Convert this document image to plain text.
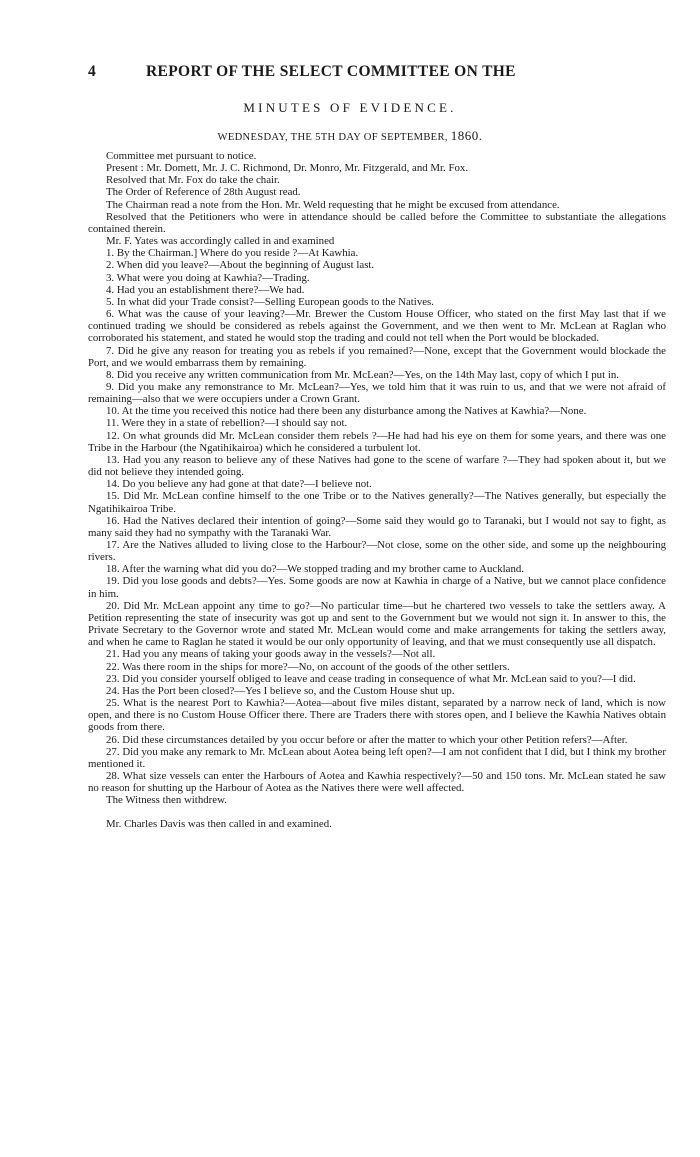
4	REPORT OF THE SELECT COMMITTEE ON THE
MINUTES OF EVIDENCE.
WEDNESDAY, THE 5TH DAY OF SEPTEMBER, 1860.

Committee met pursuant to notice.

Present : Mr. Domett, Mr. J. C. Richmond, Dr. Monro, Mr. Fitzgerald, and Mr. Fox.

Resolved that Mr. Fox do take the chair.

The Order of Reference of 28th August read.

The Chairman read a note from the Hon. Mr. Weld requesting that he might be excused from attendance.

Resolved that the Petitioners who were in attendance should be called before the Committee to substantiate the allegations contained therein.

Mr. F. Yates was accordingly called in and examined

1. By the Chairman.] Where do you reside ?—At Kawhia.

2. When did you leave?—About the beginning of August last.

3. What were you doing at Kawhia?—Trading.

4. Had you an establishment there?—We had.

5. In what did your Trade consist?—Selling European goods to the Natives.

6. What was the cause of your leaving?—Mr. Brewer the Custom House Officer, who stated on the first May last that if we continued trading we should be considered as rebels against the Government, and we then went to Mr. McLean at Raglan who corroborated his statement, and stated he would stop the trading and could not tell when the Port would be blockaded.

7. Did he give any reason for treating you as rebels if you remained?—None, except that the Government would blockade the Port, and we would embarrass them by remaining.

8. Did you receive any written communication from Mr. McLean?—Yes, on the 14th May last, copy of which I put in.

9. Did you make any remonstrance to Mr. McLean?—Yes, we told him that it was ruin to us, and that we were not afraid of remaining—also that we were occupiers under a Crown Grant.

10. At the time you received this notice had there been any disturbance among the Natives at Kawhia?—None.

11. Were they in a state of rebellion?—I should say not.

12. On what grounds did Mr. McLean consider them rebels ?—He had had his eye on them for some years, and there was one Tribe in the Harbour (the Ngatihikairoa) which he considered a turbulent lot.

13. Had you any reason to believe any of these Natives had gone to the scene of warfare ?—They had spoken about it, but we did not believe they intended going.

14. Do you believe any had gone at that date?—I believe not.

15. Did Mr. McLean confine himself to the one Tribe or to the Natives generally?—The Natives generally, but especially the Ngatihikairoa Tribe.

16. Had the Natives declared their intention of going?—Some said they would go to Taranaki, but I would not say to fight, as many said they had no sympathy with the Taranaki War.

17. Are the Natives alluded to living close to the Harbour?—Not close, some on the other side, and some up the neighbouring rivers.

18. After the warning what did you do?—We stopped trading and my brother came to Auckland.

19. Did you lose goods and debts?—Yes. Some goods are now at Kawhia in charge of a Native, but we cannot place confidence in him.

20. Did Mr. McLean appoint any time to go?—No particular time—but he chartered two vessels to take the settlers away. A Petition representing the state of insecurity was got up and sent to the Government but we would not sign it. In answer to this, the Private Secretary to the Governor wrote and stated Mr. McLean would come and make arrangements for taking the settlers away, and when he came to Raglan he stated it would be our only opportunity of leaving, and that we must consequently use all dispatch.

21. Had you any means of taking your goods away in the vessels?—Not all.

22. Was there room in the ships for more?—No, on account of the goods of the other settlers.

23. Did you consider yourself obliged to leave and cease trading in consequence of what Mr. McLean said to you?—I did.

24. Has the Port been closed?—Yes I believe so, and the Custom House shut up.

25. What is the nearest Port to Kawhia?—Aotea—about five miles distant, separated by a narrow neck of land, which is now open, and there is no Custom House Officer there. There are Traders there with stores open, and I believe the Kawhia Natives obtain goods from there.

26. Did these circumstances detailed by you occur before or after the matter to which your other Petition refers?—After.

27. Did you make any remark to Mr. McLean about Aotea being left open?—I am not confident that I did, but I think my brother mentioned it.

28. What size vessels can enter the Harbours of Aotea and Kawhia respectively?—50 and 150 tons. Mr. McLean stated he saw no reason for shutting up the Harbour of Aotea as the Natives there were well affected.

The Witness then withdrew.

Mr. Charles Davis was then called in and examined.
